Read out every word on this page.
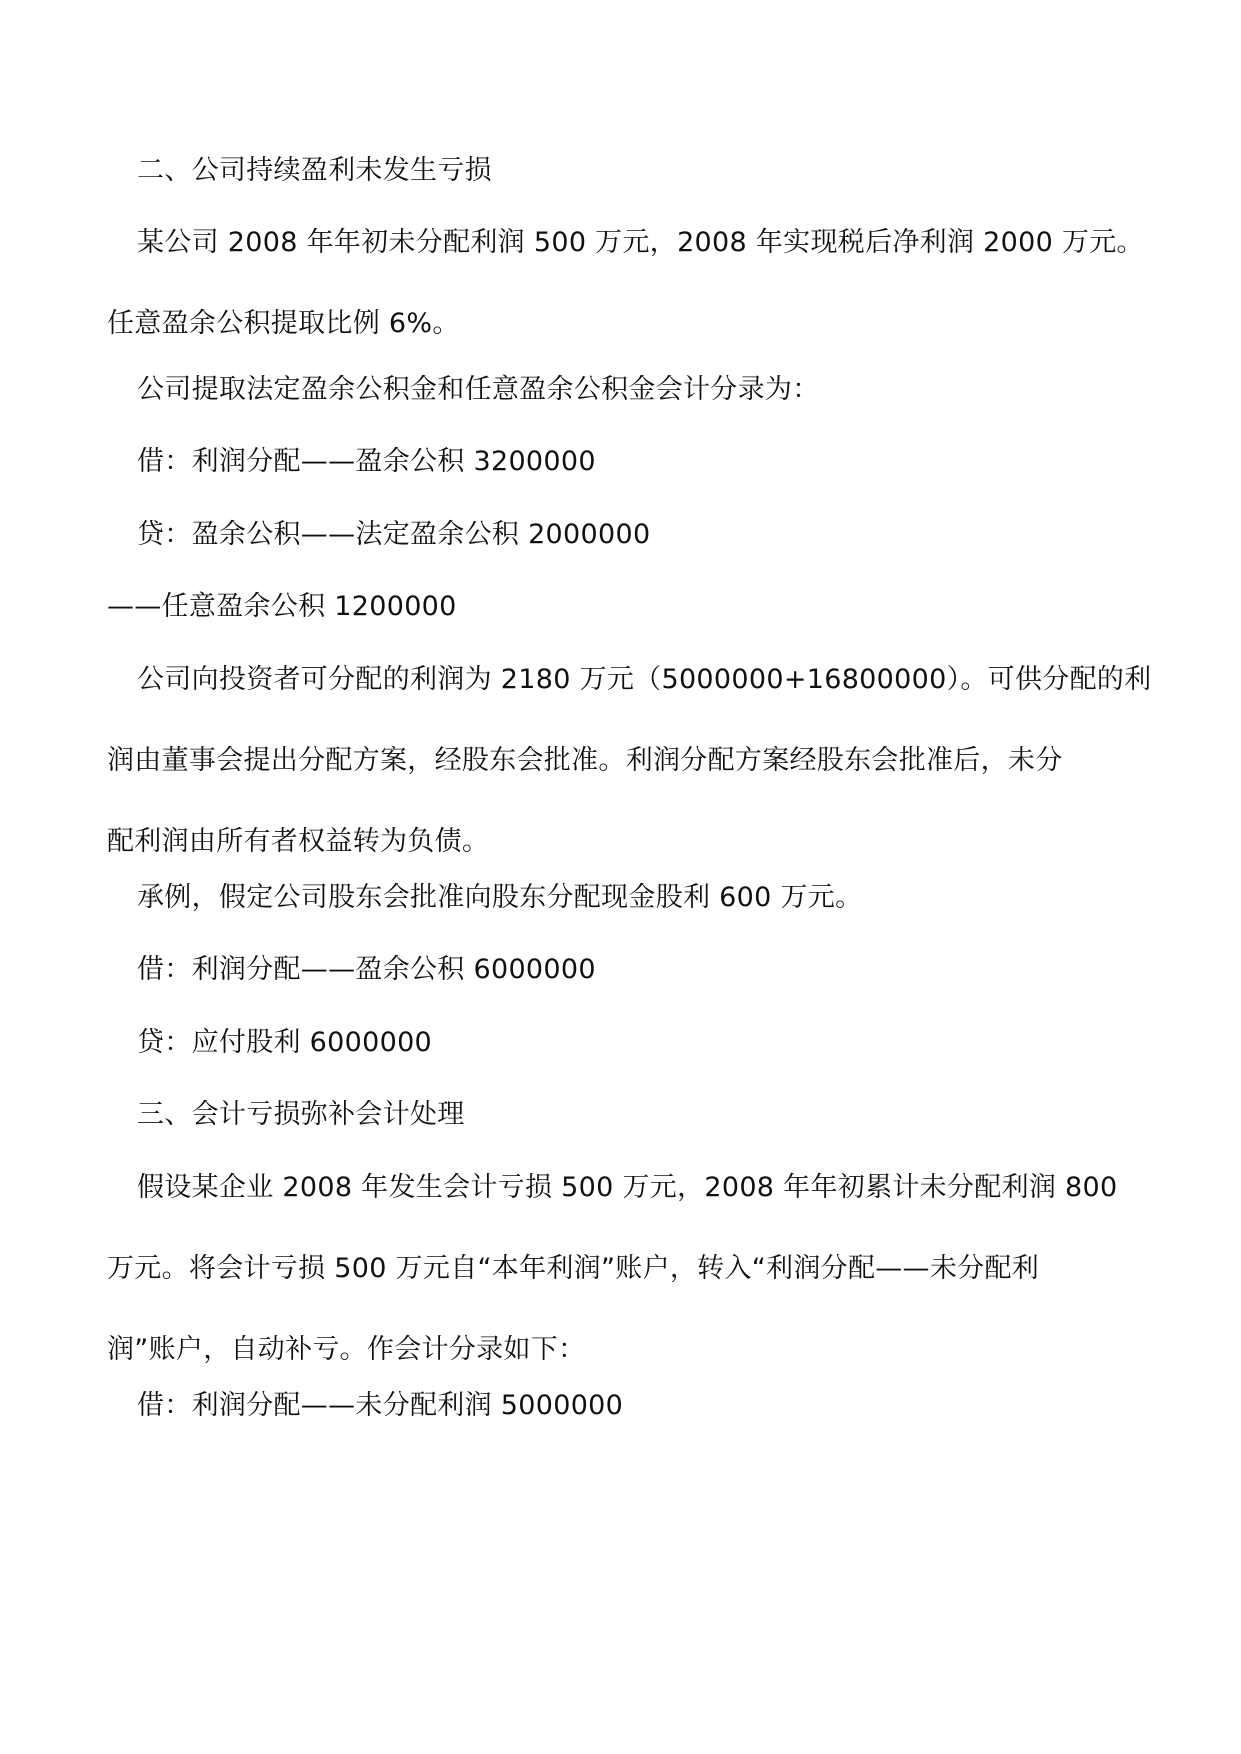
二、公司持续盈利未发生亏损
某公司 2008 年年初未分配利润 500 万元，2008 年实现税后净利润 2000 万元。
任意盈余公积提取比例 6%。
公司提取法定盈余公积金和任意盈余公积金会计分录为：
借：利润分配——盈余公积 3200000
贷：盈余公积——法定盈余公积 2000000
——任意盈余公积 1200000
公司向投资者可分配的利润为 2180 万元（5000000+16800000）。可供分配的利
润由董事会提出分配方案，经股东会批准。利润分配方案经股东会批准后，未分
配利润由所有者权益转为负债。
承例，假定公司股东会批准向股东分配现金股利 600 万元。
借：利润分配——盈余公积 6000000
贷：应付股利 6000000
三、会计亏损弥补会计处理
假设某企业 2008 年发生会计亏损 500 万元，2008 年年初累计未分配利润 800
万元。将会计亏损 500 万元自“本年利润”账户，转入“利润分配——未分配利
润”账户，自动补亏。作会计分录如下：
借：利润分配——未分配利润 5000000
